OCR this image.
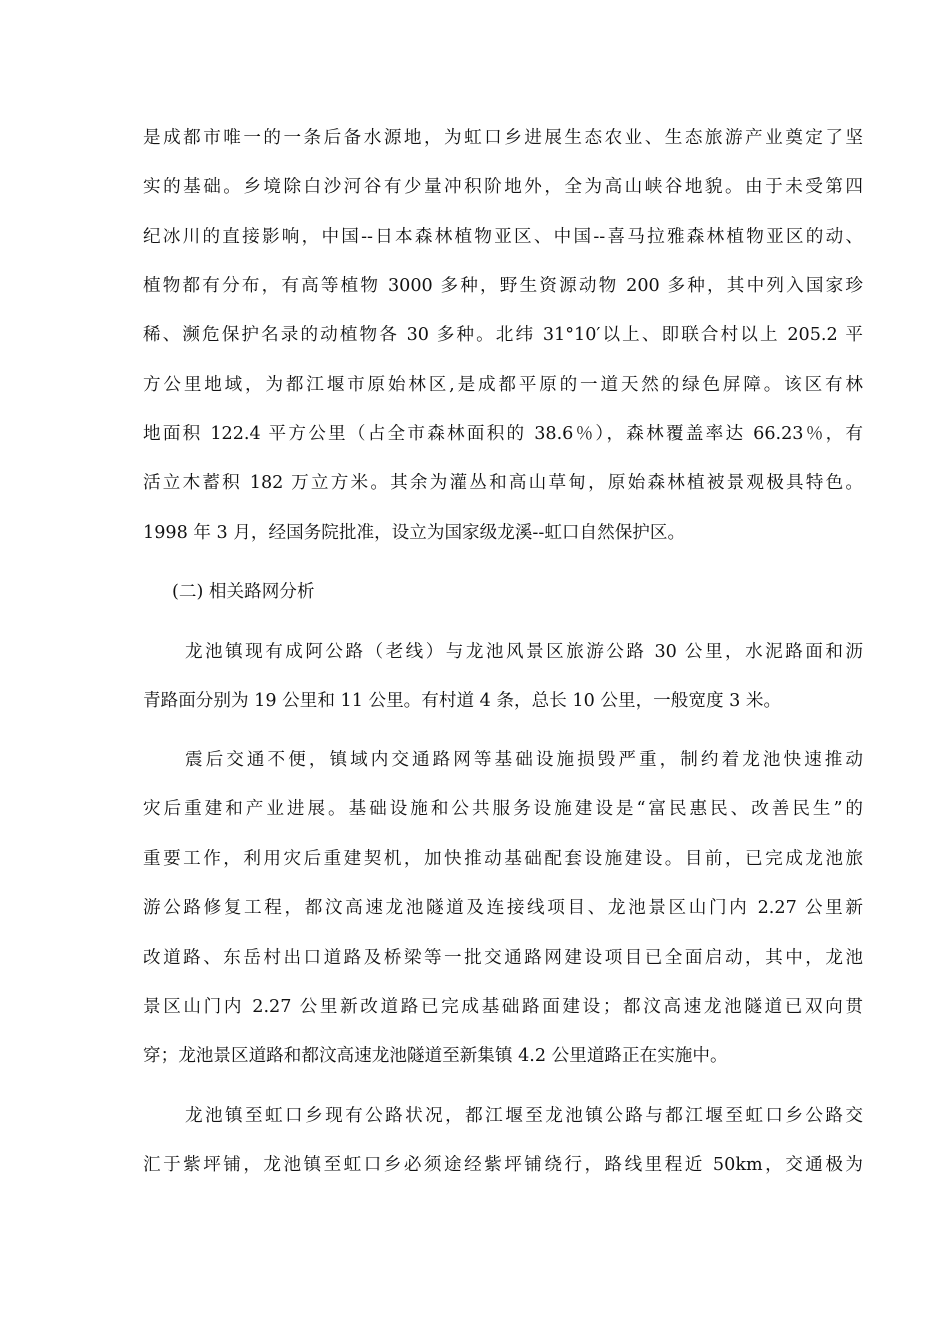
是成都市唯一的一条后备水源地，为虹口乡进展生态农业、生态旅游产业奠定了坚
实的基础。乡境除白沙河谷有少量冲积阶地外，全为高山峡谷地貌。由于未受第四
纪冰川的直接影响，中国--日本森林植物亚区、中国--喜马拉雅森林植物亚区的动、
植物都有分布，有高等植物 3000 多种，野生资源动物 200 多种，其中列入国家珍
稀、濒危保护名录的动植物各 30 多种。北纬 31°10′以上、即联合村以上 205.2 平
方公里地域，为都江堰市原始林区,是成都平原的一道天然的绿色屏障。该区有林
地面积 122.4 平方公里（占全市森林面积的 38.6％），森林覆盖率达 66.23％，有
活立木蓄积 182 万立方米。其余为灌丛和高山草甸，原始森林植被景观极具特色。
1998 年 3 月，经国务院批准，设立为国家级龙溪--虹口自然保护区。
(二) 相关路网分析
龙池镇现有成阿公路（老线）与龙池风景区旅游公路 30 公里，水泥路面和沥
青路面分别为 19 公里和 11 公里。有村道 4 条，总长 10 公里，一般宽度 3 米。
震后交通不便，镇域内交通路网等基础设施损毁严重，制约着龙池快速推动
灾后重建和产业进展。基础设施和公共服务设施建设是“富民惠民、改善民生”的
重要工作，利用灾后重建契机，加快推动基础配套设施建设。目前，已完成龙池旅
游公路修复工程，都汶高速龙池隧道及连接线项目、龙池景区山门内 2.27 公里新
改道路、东岳村出口道路及桥梁等一批交通路网建设项目已全面启动，其中，龙池
景区山门内 2.27 公里新改道路已完成基础路面建设；都汶高速龙池隧道已双向贯
穿；龙池景区道路和都汶高速龙池隧道至新集镇 4.2 公里道路正在实施中。
龙池镇至虹口乡现有公路状况，都江堰至龙池镇公路与都江堰至虹口乡公路交
汇于紫坪铺，龙池镇至虹口乡必须途经紫坪铺绕行，路线里程近 50km，交通极为
